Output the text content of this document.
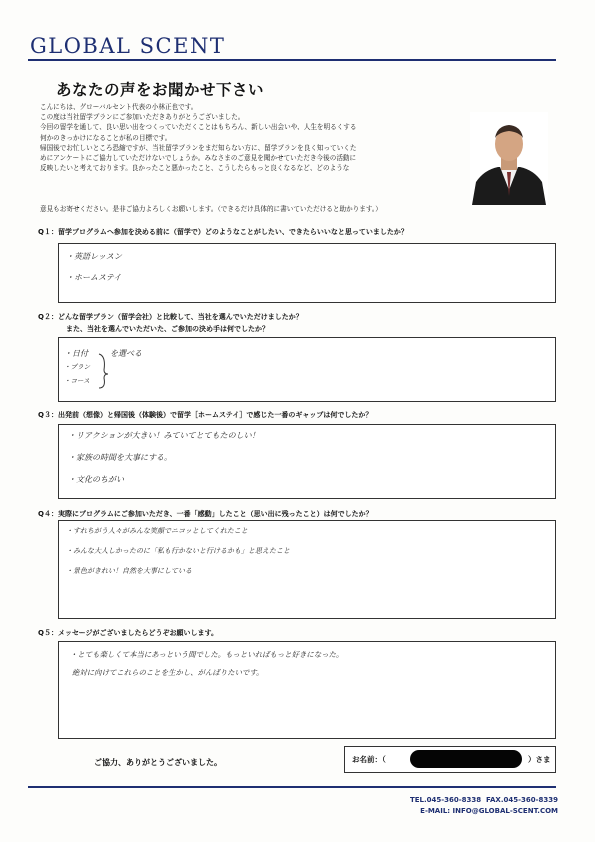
GLOBAL SCENT
あなたの声をお聞かせ下さい
こんにちは、グローバルセント代表の小林正也です。
この度は当社留学プランにご参加いただきありがとうございました。
今回の留学を通して、良い思い出をつくっていただくことはもちろん、新しい出会いや、人生を明るくする
何かのきっかけになることが私の目標です。
帰国後でお忙しいところ恐縮ですが、当社留学プランをまだ知らない方に、留学プランを良く知っていくた
めにアンケートにご協力していただけないでしょうか。みなさまのご意見を聞かせていただき今後の活動に
反映したいと考えております。良かったこと悪かったこと、こうしたらもっと良くなるなど、どのような
意見もお寄せください。是非ご協力よろしくお願いします。（できるだけ具体的に書いていただけると助かります。）
Q１：留学プログラムへ参加を決める前に（留学で）どのようなことがしたい、できたらいいなと思っていましたか？
・英語レッスン
・ホームステイ
Q２：どんな留学プラン（留学会社）と比較して、当社を選んでいただけましたか？
また、当社を選んでいただいた、ご参加の決め手は何でしたか？
・日付
・プラン
・コース
を選べる
Q３：出発前（想像）と帰国後（体験後）で留学［ホームステイ］で感じた一番のギャップは何でしたか？
・リアクションが大きい！みていてとてもたのしい！
・家族の時間を大事にする。
・文化のちがい
Q４：実際にプログラムにご参加いただき、一番「感動」したこと（思い出に残ったこと）は何でしたか？
・すれちがう人々がみんな笑顔でニコッとしてくれたこと
・みんな大人しかったのに「私も行かないと行けるかも」と思えたこと
・景色がきれい！自然を大事にしている
Q５：メッセージがございましたらどうぞお願いします。
・とても楽しくて本当にあっという間でした。もっといればもっと好きになった。
絶対に向けてこれらのことを生かし、がんばりたいです。
ご協力、ありがとうございました。	お名前：（	）さま
TEL.045-360-8338 FAX.045-360-8339
E-MAIL: INFO@GLOBAL-SCENT.COM
